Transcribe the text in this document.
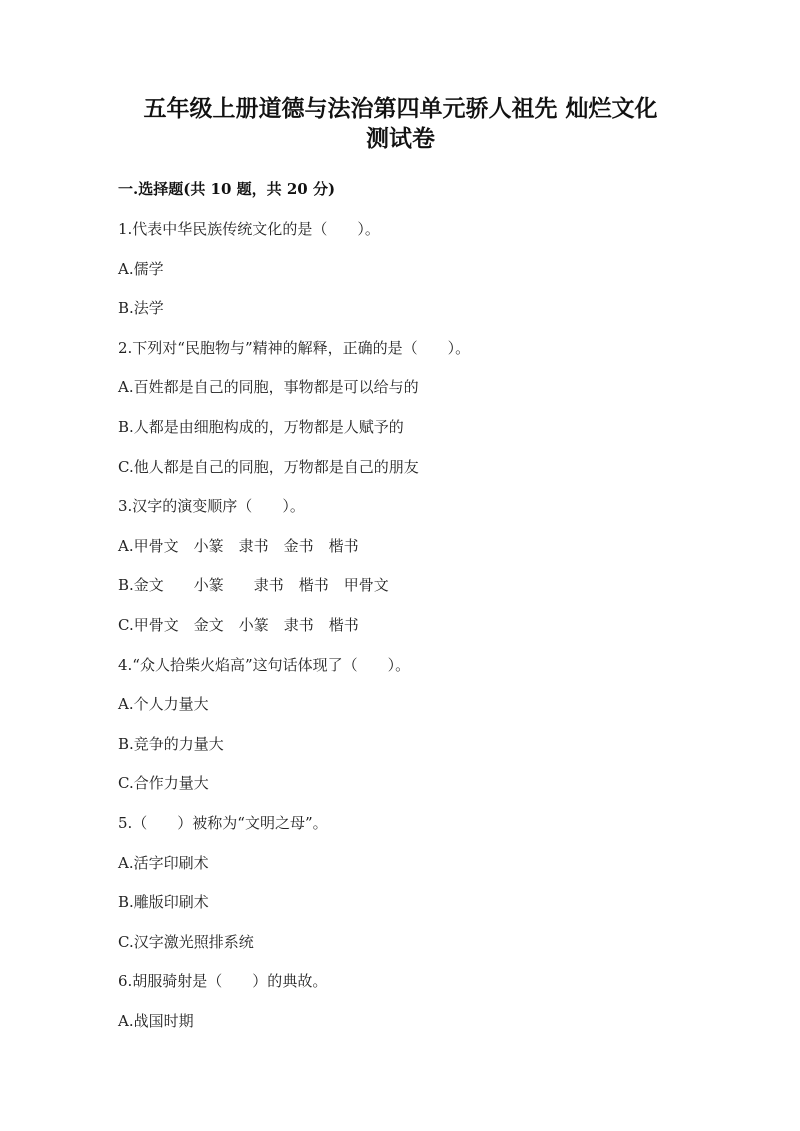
五年级上册道德与法治第四单元骄人祖先 灿烂文化
测试卷
一.选择题(共 10 题，共 20 分)
1.代表中华民族传统文化的是（　　）。
A.儒学
B.法学
2.下列对“民胞物与”精神的解释，正确的是（　　）。
A.百姓都是自己的同胞，事物都是可以给与的
B.人都是由细胞构成的，万物都是人赋予的
C.他人都是自己的同胞，万物都是自己的朋友
3.汉字的演变顺序（　　）。
A.甲骨文　小篆　隶书　金书　楷书
B.金文　　小篆　　隶书　楷书　甲骨文
C.甲骨文　金文　小篆　隶书　楷书
4.“众人拾柴火焰高”这句话体现了（　　）。
A.个人力量大
B.竞争的力量大
C.合作力量大
5.（　　）被称为“文明之母”。
A.活字印刷术
B.雕版印刷术
C.汉字激光照排系统
6.胡服骑射是（　　）的典故。
A.战国时期
